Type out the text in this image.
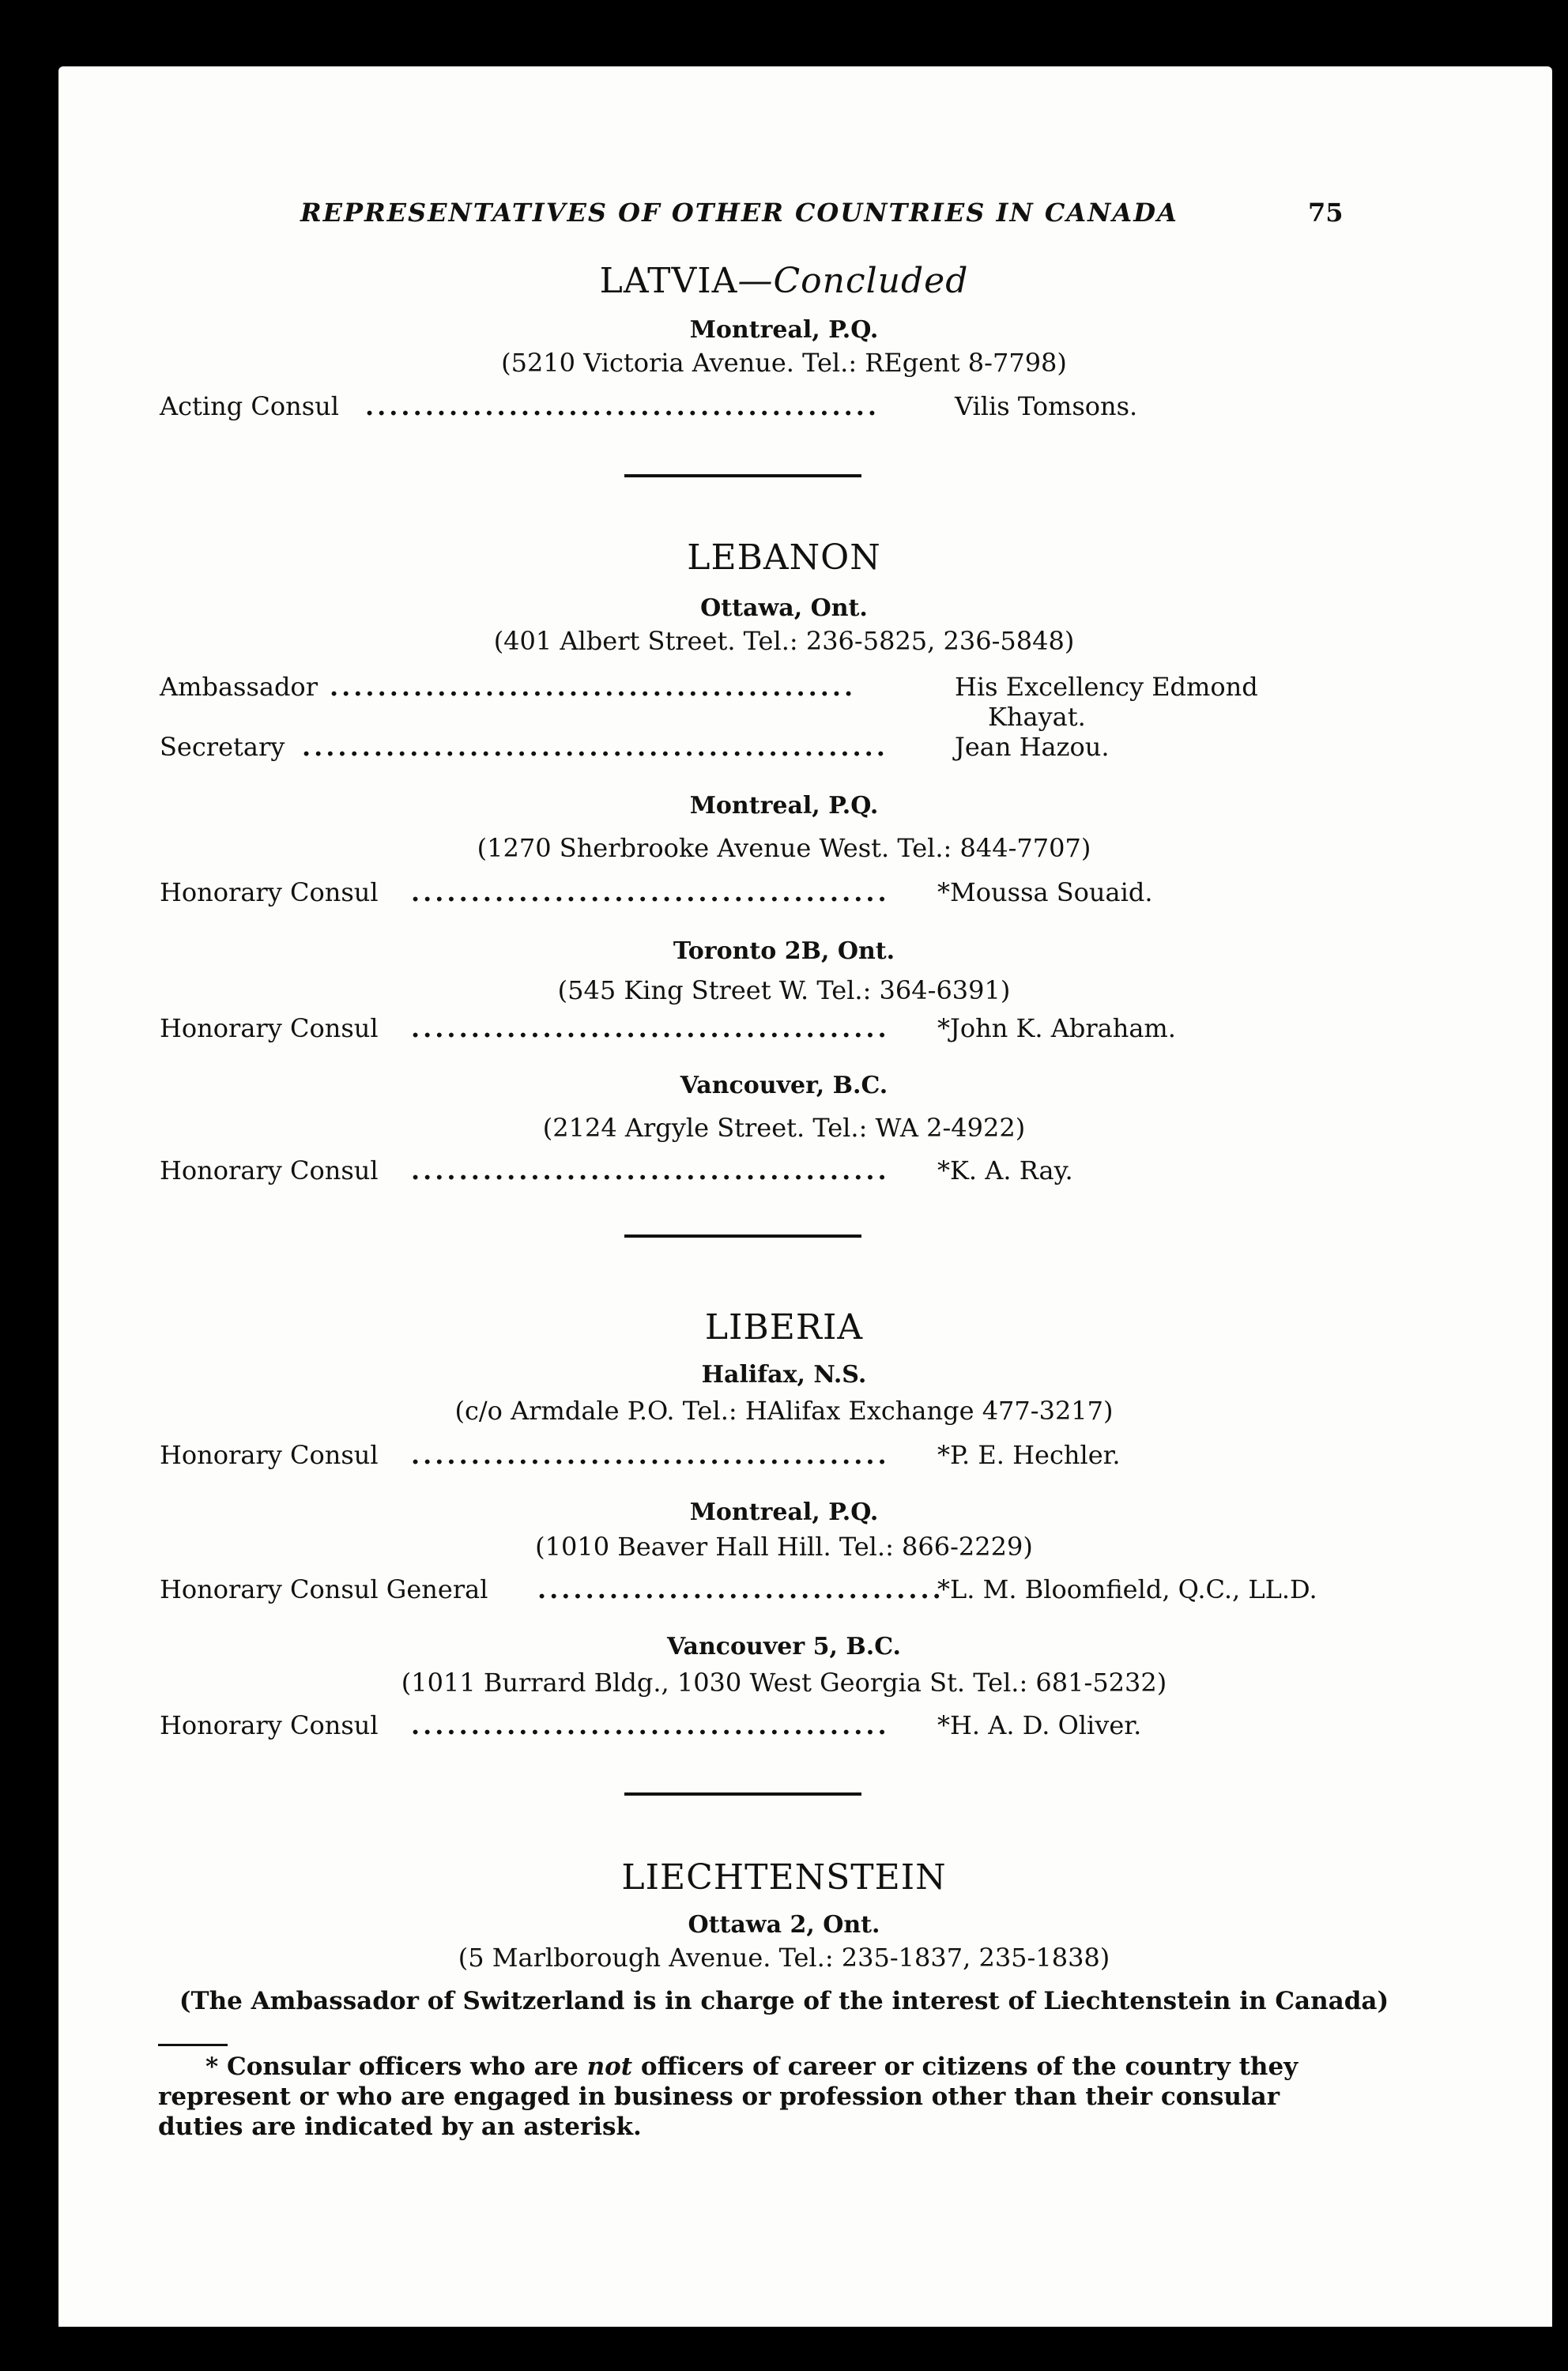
REPRESENTATIVES OF OTHER COUNTRIES IN CANADA	75
LATVIA—Concluded
Montreal, P.Q.
(5210 Victoria Avenue. Tel.: REgent 8-7798)
Acting Consul ...........................................	Vilis Tomsons.
LEBANON
Ottawa, Ont.
(401 Albert Street. Tel.: 236-5825, 236-5848)
Ambassador ............................................	His Excellency Edmond
Khayat.
Secretary .................................................	Jean Hazou.
Montreal, P.Q.
(1270 Sherbrooke Avenue West. Tel.: 844-7707)
Honorary Consul ........................................	*Moussa Souaid.
Toronto 2B, Ont.
(545 King Street W. Tel.: 364-6391)
Honorary Consul ........................................	*John K. Abraham.
Vancouver, B.C.
(2124 Argyle Street. Tel.: WA 2-4922)
Honorary Consul ........................................	*K. A. Ray.
LIBERIA
Halifax, N.S.
(c/o Armdale P.O. Tel.: HAlifax Exchange 477-3217)
Honorary Consul ........................................	*P. E. Hechler.
Montreal, P.Q.
(1010 Beaver Hall Hill. Tel.: 866-2229)
Honorary Consul General ..................................
*L. M. Bloomfield, Q.C., LL.D.
Vancouver 5, B.C.
(1011 Burrard Bldg., 1030 West Georgia St. Tel.: 681-5232)
Honorary Consul ........................................	*H. A. D. Oliver.
LIECHTENSTEIN
Ottawa 2, Ont.
(5 Marlborough Avenue. Tel.: 235-1837, 235-1838)
(The Ambassador of Switzerland is in charge of the interest of Liechtenstein in Canada)
* Consular officers who are not officers of career or citizens of the country they represent or who are engaged in business or profession other than their consular duties are indicated by an asterisk.
